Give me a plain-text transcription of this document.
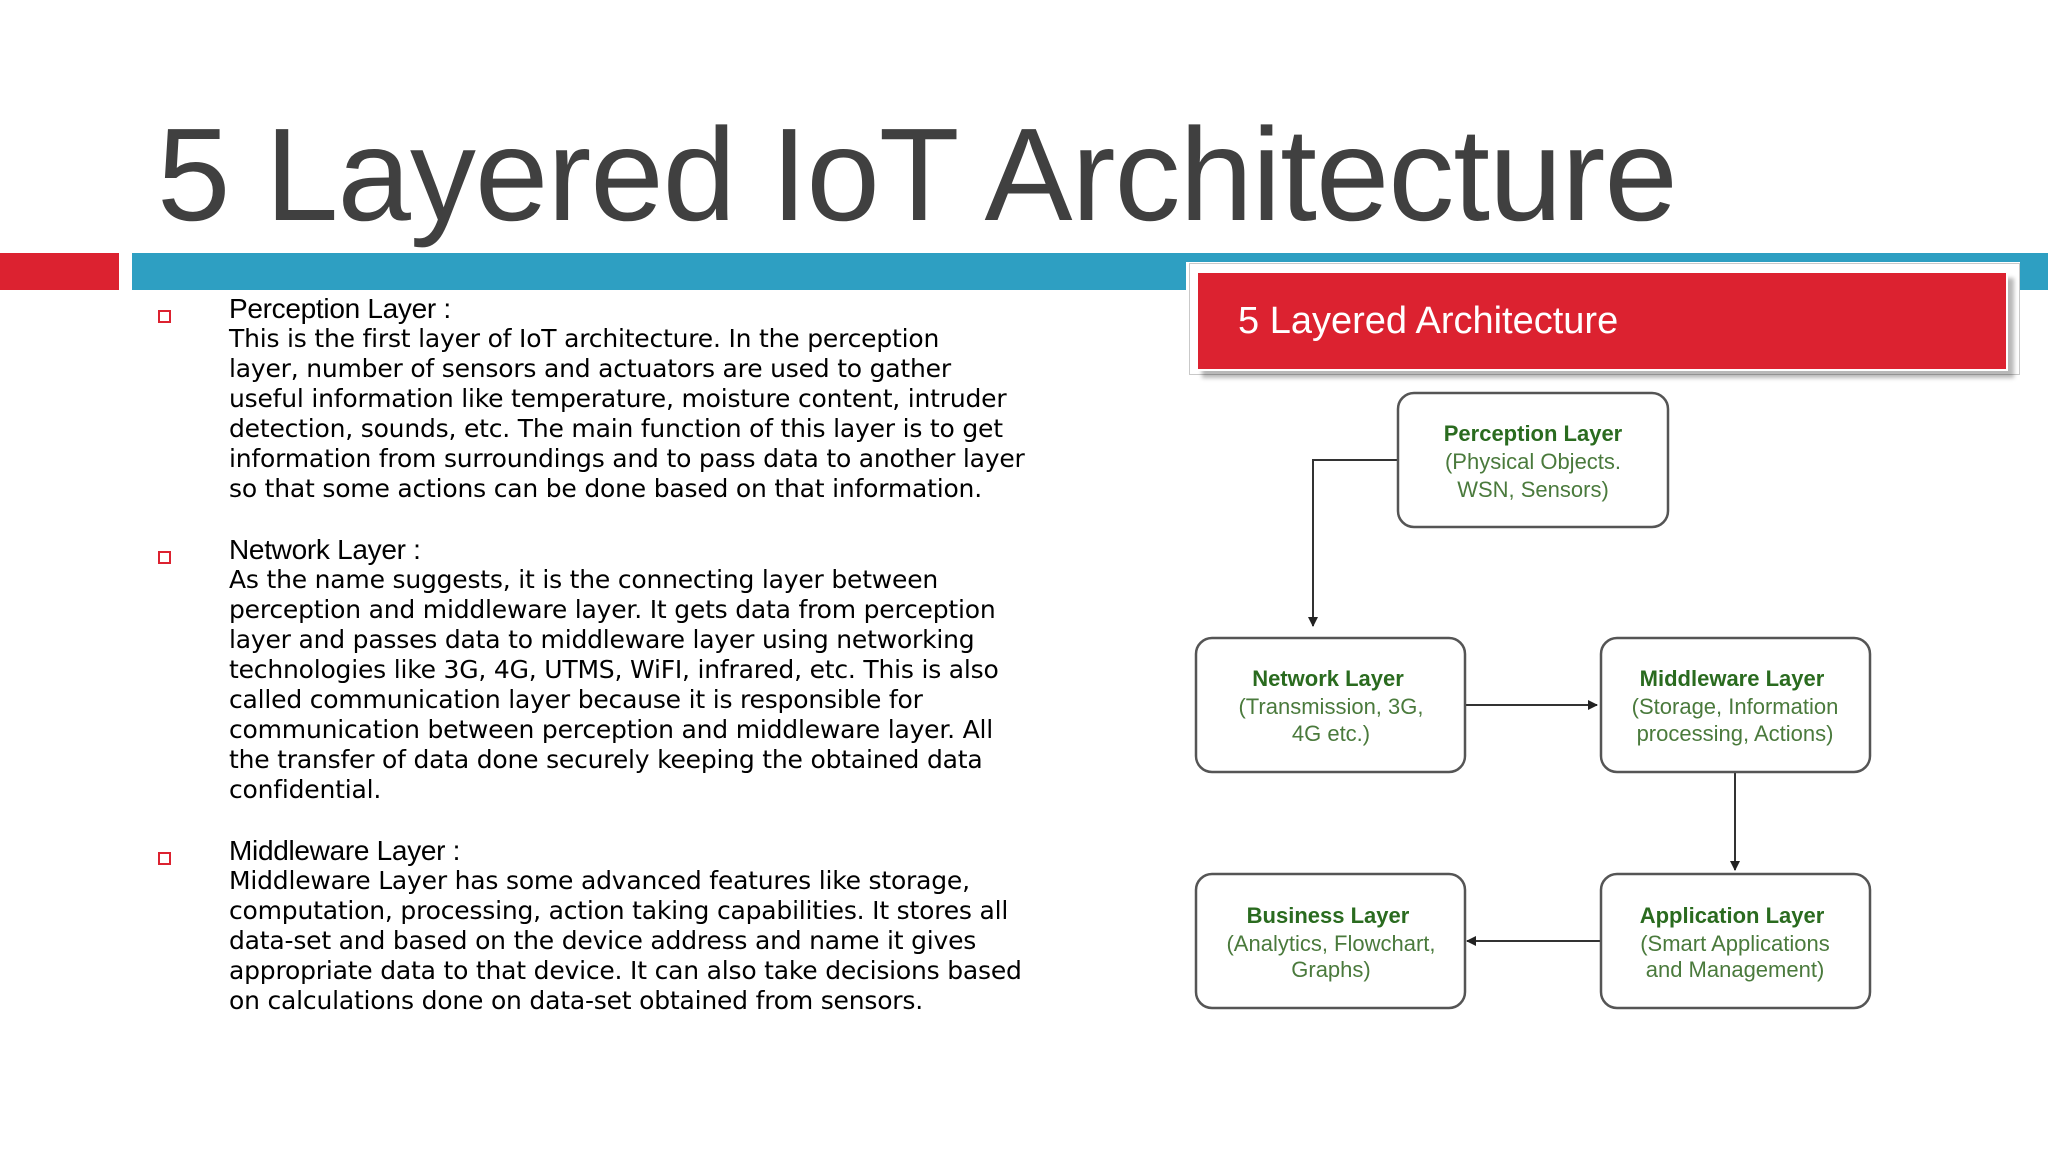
5 Layered IoT Architecture
Perception Layer :
This is the first layer of IoT architecture. In the perception
layer, number of sensors and actuators are used to gather
useful information like temperature, moisture content, intruder
detection, sounds, etc. The main function of this layer is to get
information from surroundings and to pass data to another layer
so that some actions can be done based on that information.
Network Layer :
As the name suggests, it is the connecting layer between
perception and middleware layer. It gets data from perception
layer and passes data to middleware layer using networking
technologies like 3G, 4G, UTMS, WiFI, infrared, etc. This is also
called communication layer because it is responsible for
communication between perception and middleware layer. All
the transfer of data done securely keeping the obtained data
confidential.
Middleware Layer :
Middleware Layer has some advanced features like storage,
computation, processing, action taking capabilities. It stores all
data-set and based on the device address and name it gives
appropriate data to that device. It can also take decisions based
on calculations done on data-set obtained from sensors.
5 Layered Architecture
Perception Layer
(Physical Objects.
WSN, Sensors)
Network Layer
(Transmission, 3G,
4G etc.)
Middleware Layer
(Storage, Information
processing, Actions)
Business Layer
(Analytics, Flowchart,
Graphs)
Application Layer
(Smart Applications
and Management)
